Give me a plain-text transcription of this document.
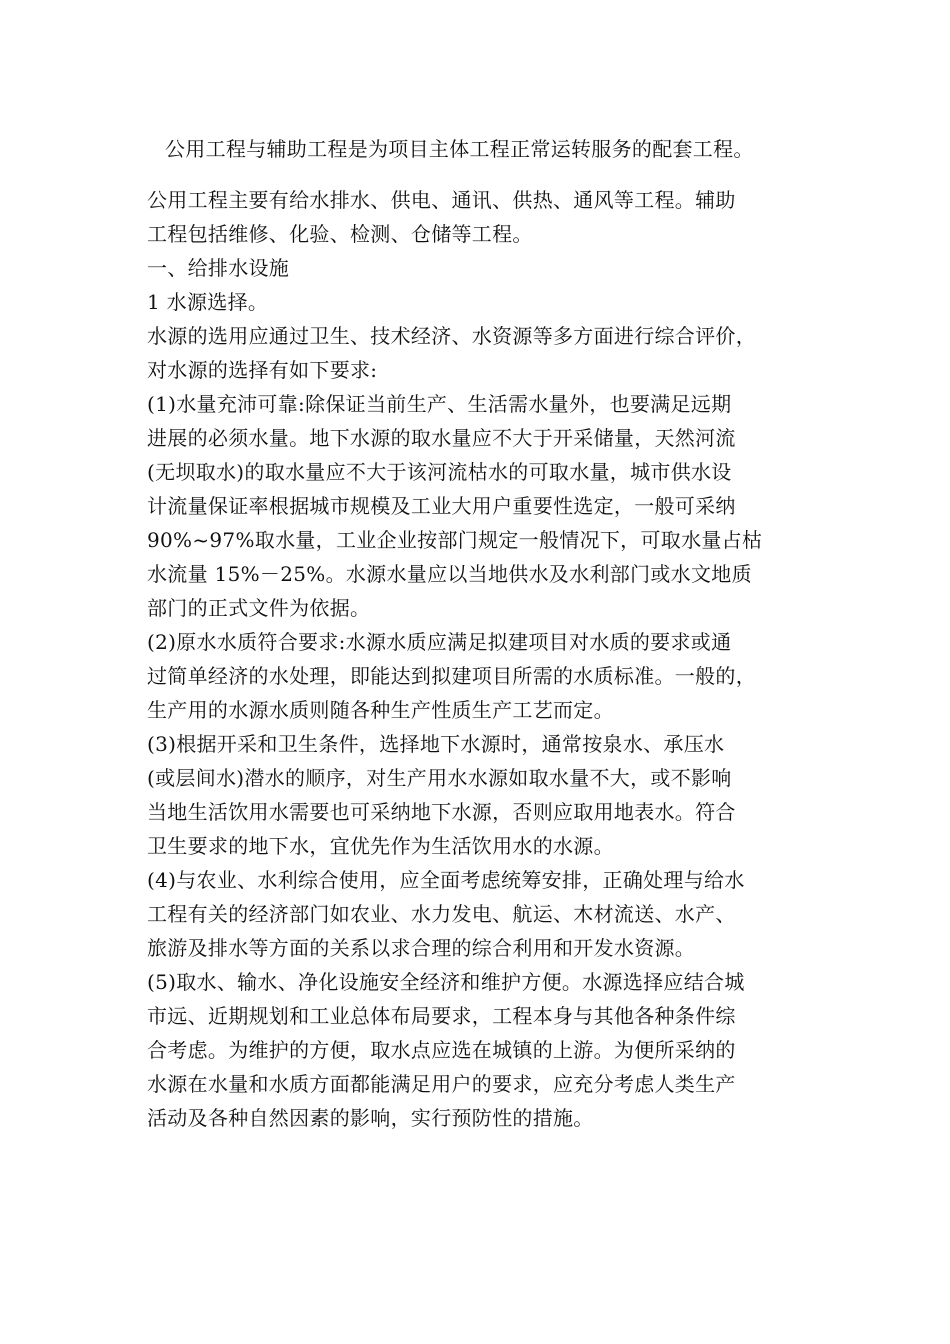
公用工程与辅助工程是为项目主体工程正常运转服务的配套工程。
公用工程主要有给水排水、供电、通讯、供热、通风等工程。辅助
工程包括维修、化验、检测、仓储等工程。
一、给排水设施
1 水源选择。
水源的选用应通过卫生、技术经济、水资源等多方面进行综合评价，
对水源的选择有如下要求:
(1)水量充沛可靠:除保证当前生产、生活需水量外，也要满足远期
进展的必须水量。地下水源的取水量应不大于开采储量，天然河流
(无坝取水)的取水量应不大于该河流枯水的可取水量，城市供水设
计流量保证率根据城市规模及工业大用户重要性选定，一般可采纳
90%~97%取水量，工业企业按部门规定一般情况下，可取水量占枯
水流量 15%－25%。水源水量应以当地供水及水利部门或水文地质
部门的正式文件为依据。
(2)原水水质符合要求:水源水质应满足拟建项目对水质的要求或通
过简单经济的水处理，即能达到拟建项目所需的水质标准。一般的，
生产用的水源水质则随各种生产性质生产工艺而定。
(3)根据开采和卫生条件，选择地下水源时，通常按泉水、承压水
(或层间水)潜水的顺序，对生产用水水源如取水量不大，或不影响
当地生活饮用水需要也可采纳地下水源，否则应取用地表水。符合
卫生要求的地下水，宜优先作为生活饮用水的水源。
(4)与农业、水利综合使用，应全面考虑统筹安排，正确处理与给水
工程有关的经济部门如农业、水力发电、航运、木材流送、水产、
旅游及排水等方面的关系以求合理的综合利用和开发水资源。
(5)取水、输水、净化设施安全经济和维护方便。水源选择应结合城
市远、近期规划和工业总体布局要求，工程本身与其他各种条件综
合考虑。为维护的方便，取水点应选在城镇的上游。为便所采纳的
水源在水量和水质方面都能满足用户的要求，应充分考虑人类生产
活动及各种自然因素的影响，实行预防性的措施。
